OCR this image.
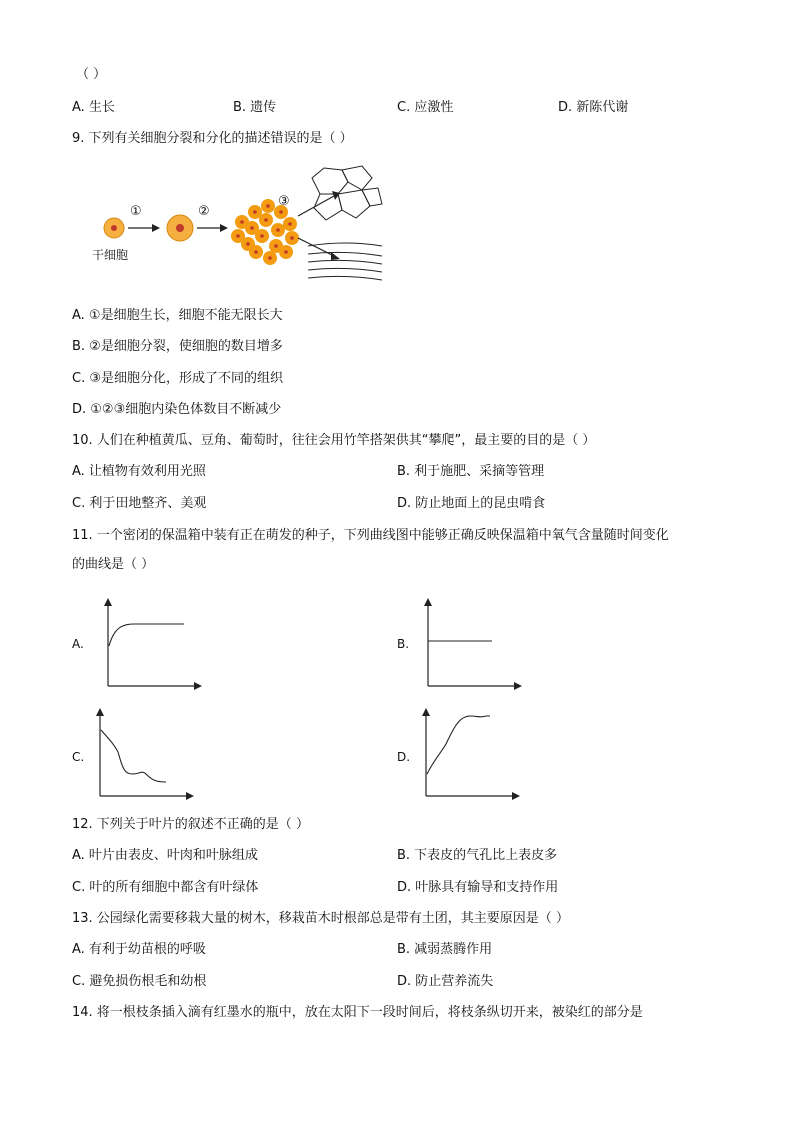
（ ）
A. 生长	B. 遗传	C. 应激性	D. 新陈代谢
9. 下列有关细胞分裂和分化的描述错误的是（ ）
干细胞
①	②
③
A. ①是细胞生长，细胞不能无限长大
B. ②是细胞分裂，使细胞的数目增多
C. ③是细胞分化，形成了不同的组织
D. ①②③细胞内染色体数目不断减少
10. 人们在种植黄瓜、豆角、葡萄时，往往会用竹竿搭架供其“攀爬”，最主要的目的是（ ）
A. 让植物有效利用光照	B. 利于施肥、采摘等管理
C. 利于田地整齐、美观	D. 防止地面上的昆虫啃食
11. 一个密闭的保温箱中装有正在萌发的种子，下列曲线图中能够正确反映保温箱中氧气含量随时间变化
的曲线是（ ）
A.	B.
C.	D.
12. 下列关于叶片的叙述不正确的是（ ）
A. 叶片由表皮、叶肉和叶脉组成	B. 下表皮的气孔比上表皮多
C. 叶的所有细胞中都含有叶绿体	D. 叶脉具有输导和支持作用
13. 公园绿化需要移栽大量的树木，移栽苗木时根部总是带有土团，其主要原因是（ ）
A. 有利于幼苗根的呼吸	B. 减弱蒸腾作用
C. 避免损伤根毛和幼根	D. 防止营养流失
14. 将一根枝条插入滴有红墨水的瓶中，放在太阳下一段时间后，将枝条纵切开来，被染红的部分是
